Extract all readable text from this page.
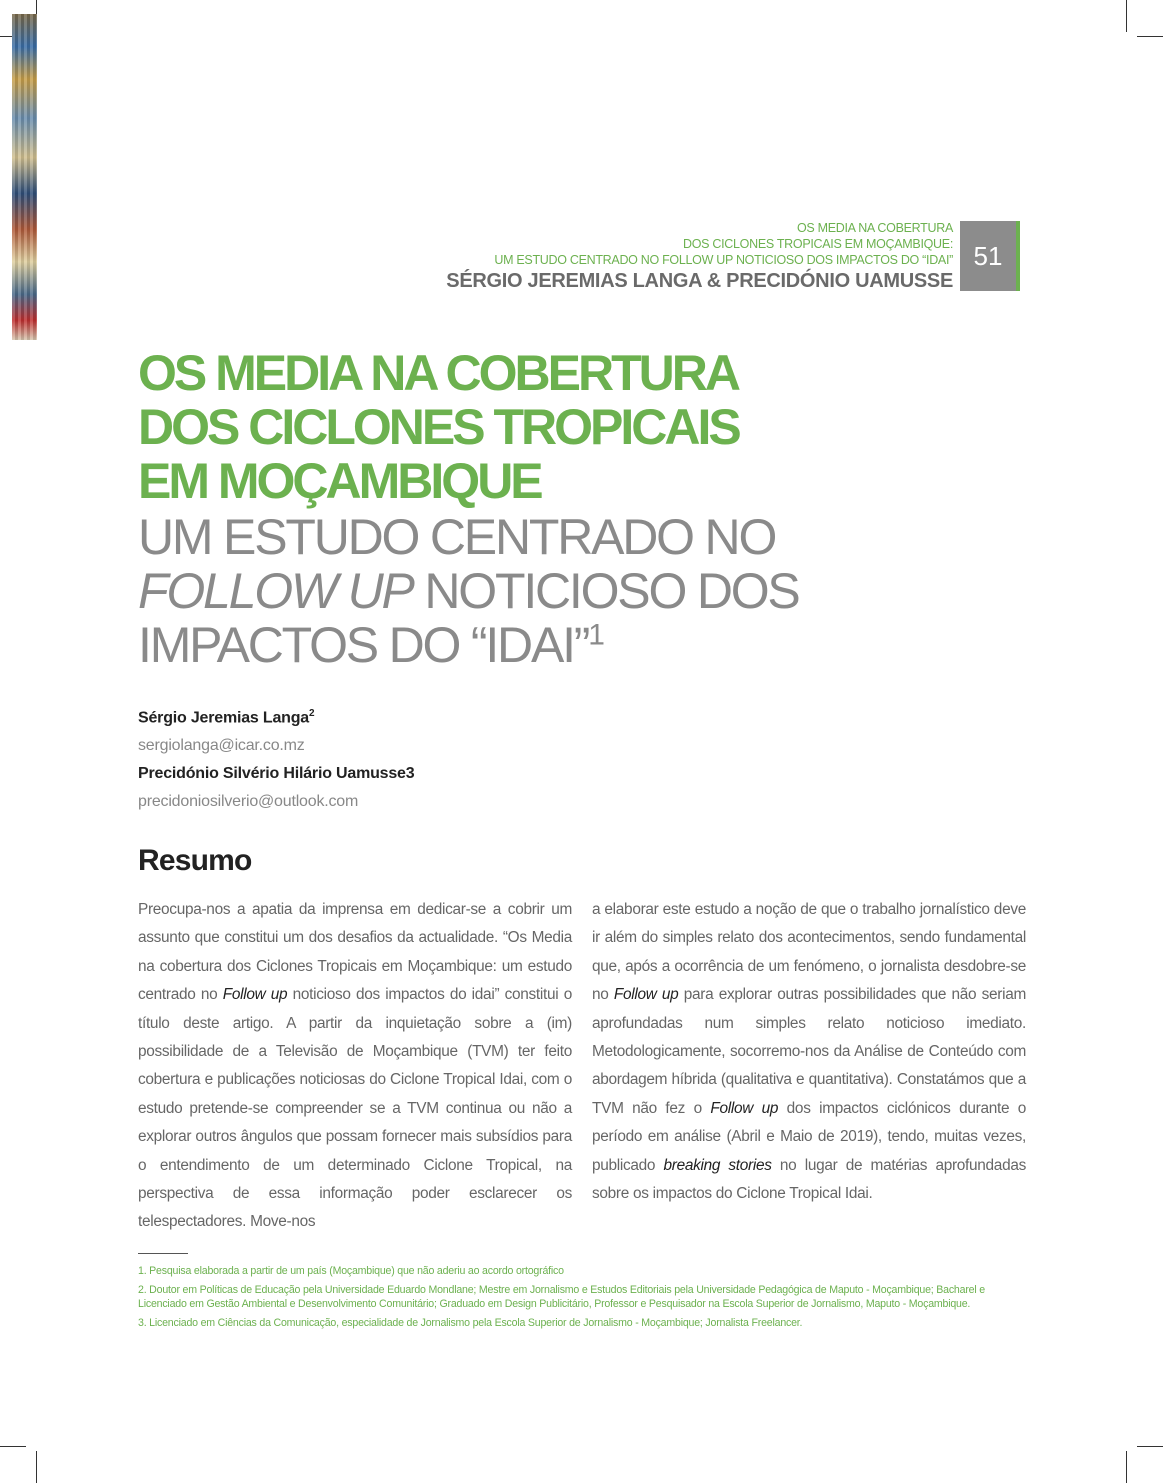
OS MEDIA NA COBERTURA
DOS CICLONES TROPICAIS EM MOÇAMBIQUE:
UM ESTUDO CENTRADO NO FOLLOW UP NOTICIOSO DOS IMPACTOS DO “IDAI”
SÉRGIO JEREMIAS LANGA & PRECIDÓNIO UAMUSSE
51
OS MEDIA NA COBERTURA
DOS CICLONES TROPICAIS
EM MOÇAMBIQUE
UM ESTUDO CENTRADO NO
FOLLOW UP NOTICIOSO DOS
IMPACTOS DO “IDAI”$^1$
Sérgio Jeremias Langa$^2$
sergiolanga@icar.co.mz
Precidónio Silvério Hilário Uamusse3
precidoniosilverio@outlook.com
Resumo
Preocupa-nos a apatia da imprensa em dedicar-se a cobrir um assunto que constitui um dos desafios da actualidade. “Os Media na cobertura dos Ciclones Tropicais em Moçambique: um estudo centrado no Follow up noticioso dos impactos do idai” constitui o título deste artigo. A partir da inquietação sobre a (im) possibilidade de a Televisão de Moçambique (TVM) ter feito cobertura e publicações noticiosas do Ciclone Tropical Idai, com o estudo pretende-se compreender se a TVM continua ou não a explorar outros ângulos que possam fornecer mais subsídios para o entendimento de um determinado Ciclone Tropical, na perspectiva de essa informação poder esclarecer os telespectadores. Move-nos
a elaborar este estudo a noção de que o trabalho jornalístico deve ir além do simples relato dos acontecimentos, sendo fundamental que, após a ocorrência de um fenómeno, o jornalista desdobre-se no Follow up para explorar outras possibilidades que não seriam aprofundadas num simples relato noticioso imediato. Metodologicamente, socorremo-nos da Análise de Conteúdo com abordagem híbrida (qualitativa e quantitativa). Constatámos que a TVM não fez o Follow up dos impactos ciclónicos durante o período em análise (Abril e Maio de 2019), tendo, muitas vezes, publicado breaking stories no lugar de matérias aprofundadas sobre os impactos do Ciclone Tropical Idai.

1. Pesquisa elaborada a partir de um país (Moçambique) que não aderiu ao acordo ortográfico

2. Doutor em Políticas de Educação pela Universidade Eduardo Mondlane; Mestre em Jornalismo e Estudos Editoriais pela Universidade Pedagógica de Maputo - Moçambique; Bacharel e Licenciado em Gestão Ambiental e Desenvolvimento Comunitário; Graduado em Design Publicitário, Professor e Pesquisador na Escola Superior de Jornalismo, Maputo - Moçambique.

3. Licenciado em Ciências da Comunicação, especialidade de Jornalismo pela Escola Superior de Jornalismo - Moçambique; Jornalista Freelancer.
